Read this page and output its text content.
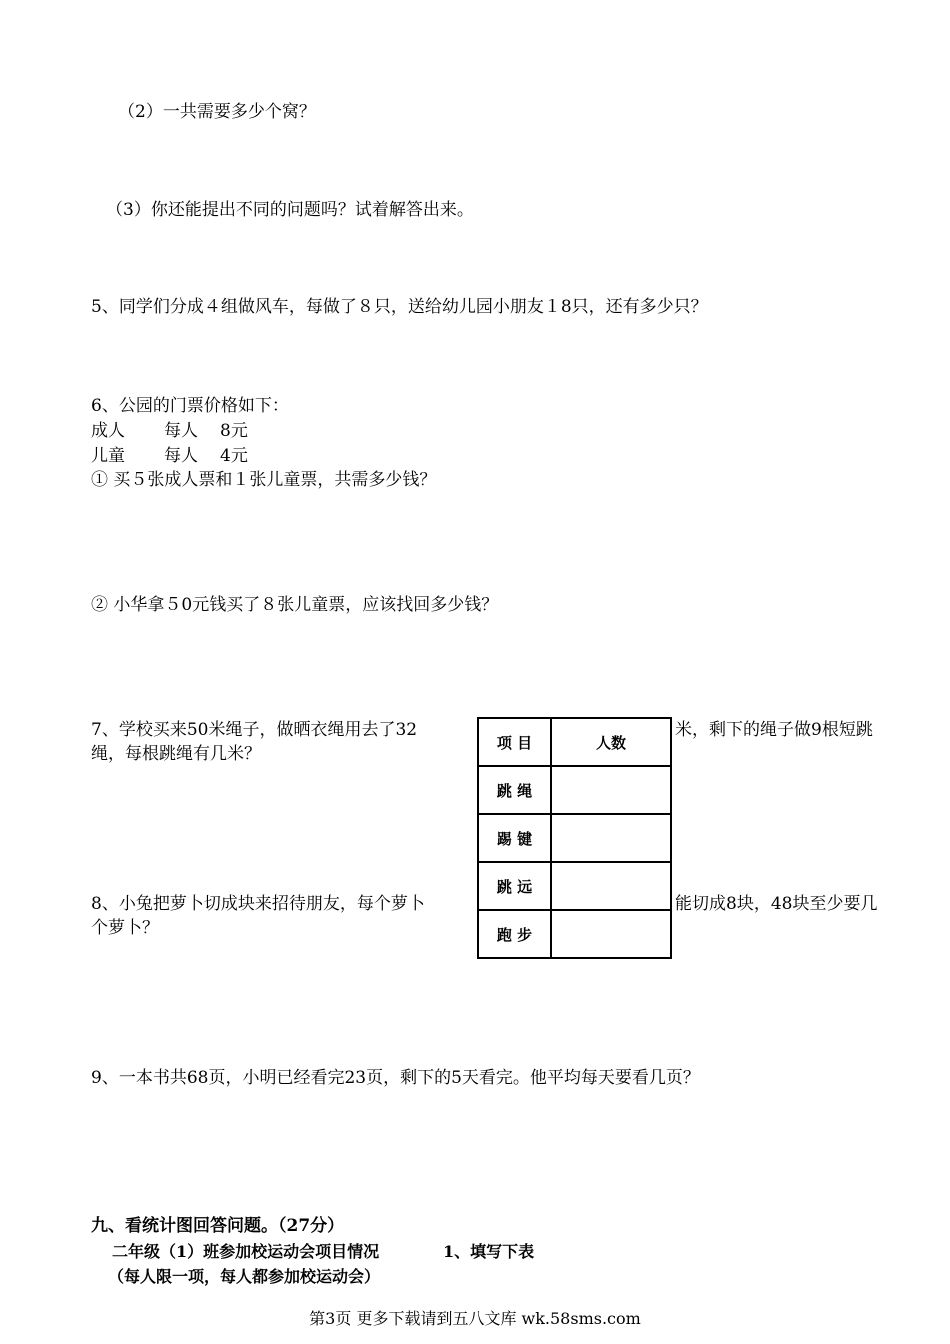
（2）一共需要多少个窝？
（3）你还能提出不同的问题吗？试着解答出来。
5、同学们分成４组做风车，每做了８只，送给幼儿园小朋友１8只，还有多少只？
6、公园的门票价格如下：
成人 每人 8元
儿童 每人 4元
① 买５张成人票和１张儿童票，共需多少钱？
② 小华拿５0元钱买了８张儿童票，应该找回多少钱？
7、学校买来50米绳子，做晒衣绳用去了32	米，剩下的绳子做9根短跳
绳，每根跳绳有几米？
8、小兔把萝卜切成块来招待朋友，每个萝卜	能切成8块，48块至少要几
个萝卜？
项 目	人数
跳 绳	
踢 键	
跳 远	
跑 步	
9、一本书共68页，小明已经看完23页，剩下的5天看完。他平均每天要看几页？
九、看统计图回答问题。（27分）
二年级（1）班参加校运动会项目情况	1、填写下表
（每人限一项，每人都参加校运动会）
第3页 更多下载请到五八文库 wk.58sms.com
